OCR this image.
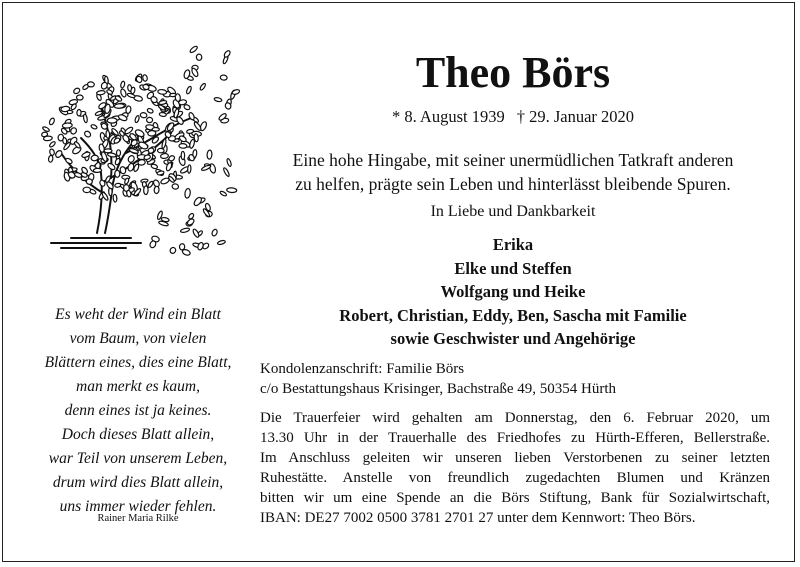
Es weht der Wind ein Blatt
vom Baum, von vielen
Blättern eines, dies eine Blatt,
man merkt es kaum,
denn eines ist ja keines.
Doch dieses Blatt allein,
war Teil von unserem Leben,
drum wird dies Blatt allein,
uns immer wieder fehlen.
Rainer Maria Rilke
Theo Börs
* 8. August 1939 † 29. Januar 2020
Eine hohe Hingabe, mit seiner unermüdlichen Tatkraft anderen
zu helfen, prägte sein Leben und hinterlässt bleibende Spuren.
In Liebe und Dankbarkeit
Erika
Elke und Steffen
Wolfgang und Heike
Robert, Christian, Eddy, Ben, Sascha mit Familie
sowie Geschwister und Angehörige
Kondolenzanschrift: Familie Börs
c/o Bestattungshaus Krisinger, Bachstraße 49, 50354 Hürth
Die Trauerfeier wird gehalten am Donnerstag, den 6. Februar 2020, um
13.30 Uhr in der Trauerhalle des Friedhofes zu Hürth-Efferen, Bellerstraße.
Im Anschluss geleiten wir unseren lieben Verstorbenen zu seiner letzten
Ruhestätte. Anstelle von freundlich zugedachten Blumen und Kränzen
bitten wir um eine Spende an die Börs Stiftung, Bank für Sozialwirtschaft,
IBAN: DE27 7002 0500 3781 2701 27 unter dem Kennwort: Theo Börs.
